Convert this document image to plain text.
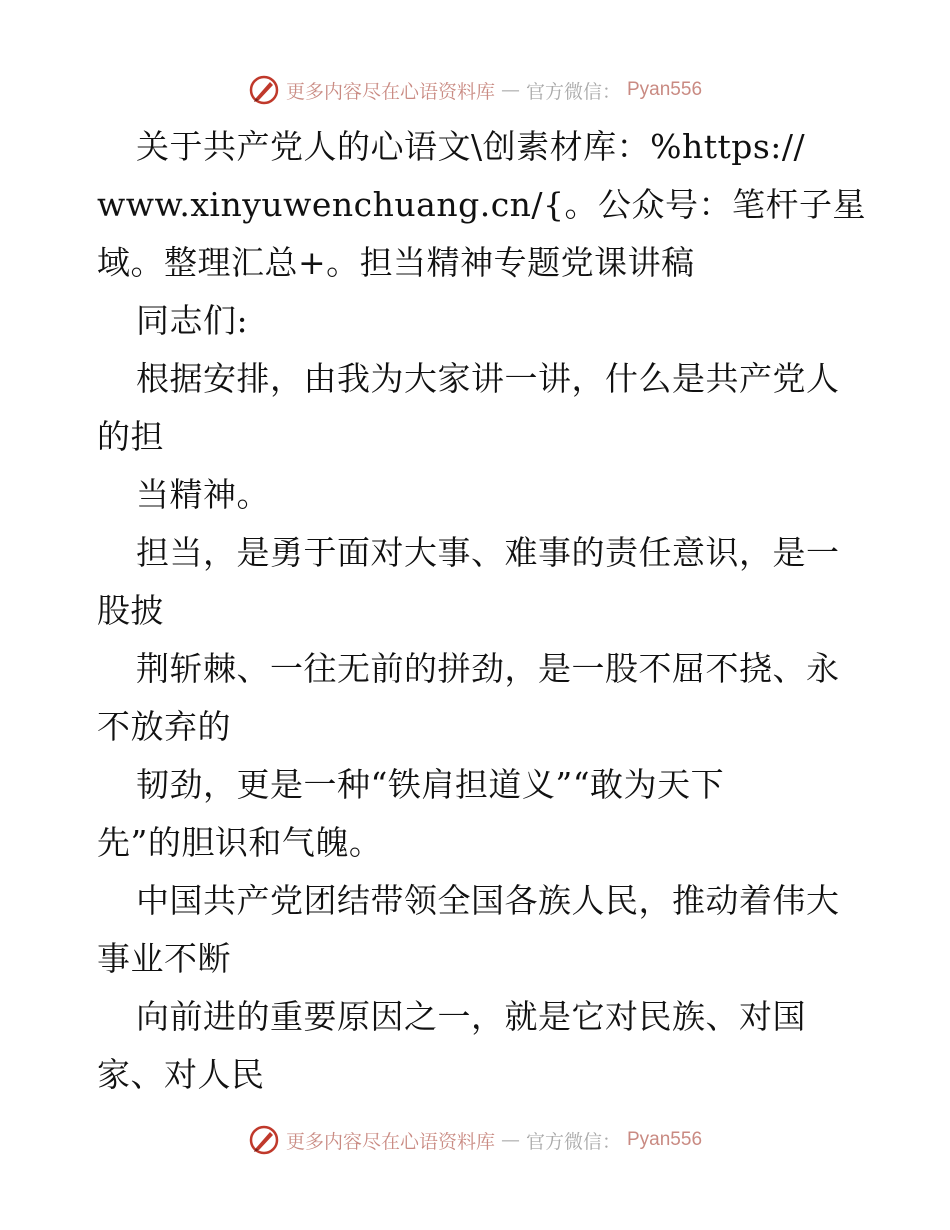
更多内容尽在心语资料库 — 官方微信： Pyan556
关于共产党人的心语文\创素材库：%https://
www.xinyuwenchuang.cn/{。公众号：笔杆子星
域。整理汇总+。担当精神专题党课讲稿
同志们:
根据安排，由我为大家讲一讲，什么是共产党人
的担
当精神。
担当，是勇于面对大事、难事的责任意识，是一
股披
荆斩棘、一往无前的拼劲，是一股不屈不挠、永
不放弃的
韧劲，更是一种“铁肩担道义”“敢为天下
先”的胆识和气魄。
中国共产党团结带领全国各族人民，推动着伟大
事业不断
向前进的重要原因之一，就是它对民族、对国
家、对人民
更多内容尽在心语资料库 — 官方微信： Pyan556
